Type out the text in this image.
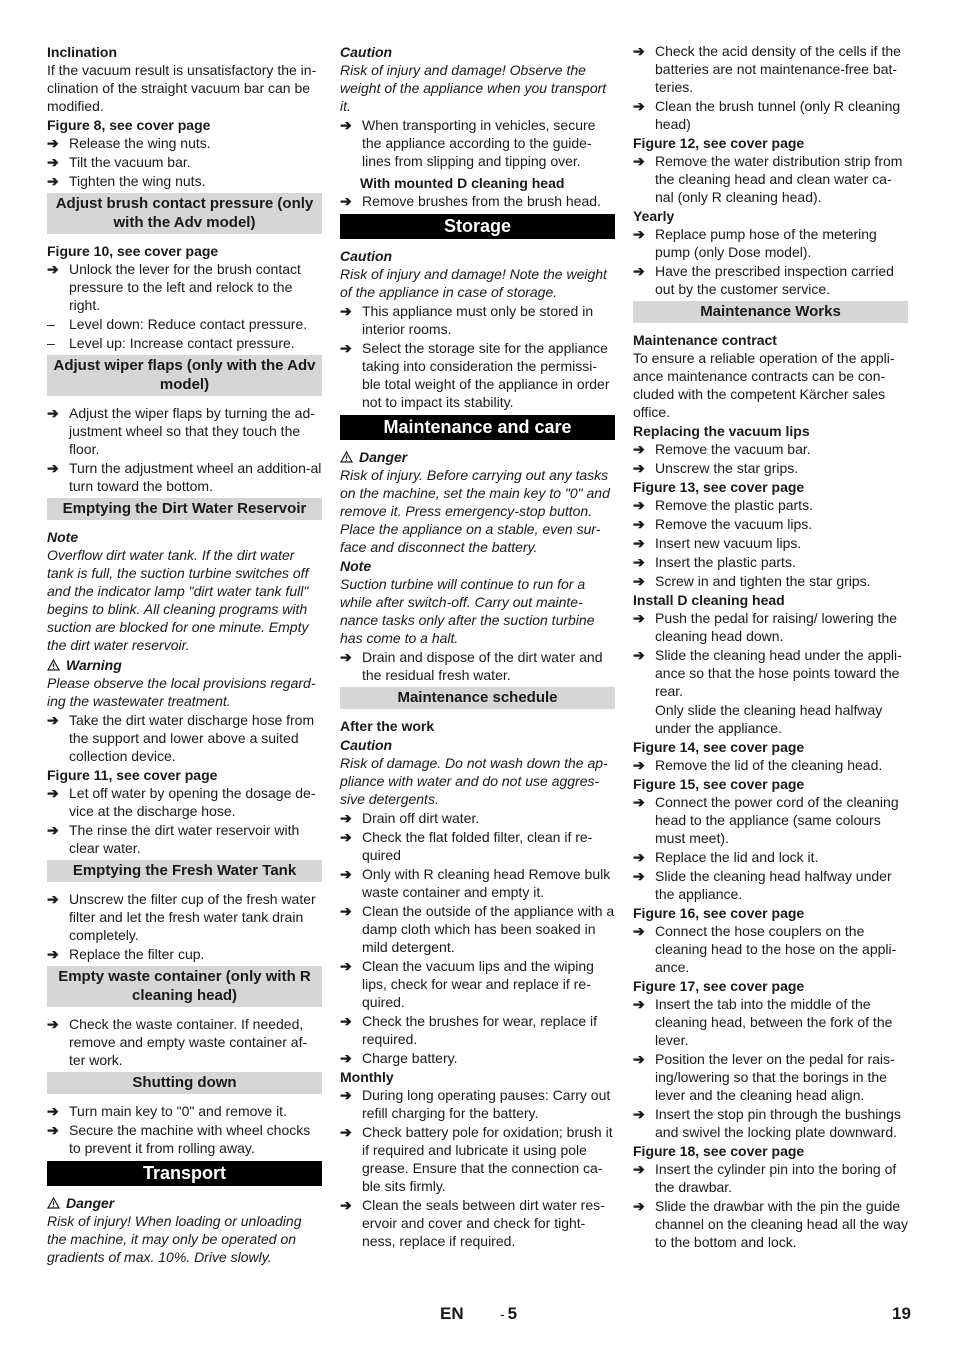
Inclination
If the vacuum result is unsatisfactory the in-clination of the straight vacuum bar can be modified.
Figure 8, see cover page
➔ Release the wing nuts.
➔ Tilt the vacuum bar.
➔ Tighten the wing nuts.
Adjust brush contact pressure (only with the Adv model)
Figure 10, see cover page
➔ Unlock the lever for the brush contact pressure to the left and relock to the right.
–	Level down: Reduce contact pressure.
–	Level up: Increase contact pressure.
Adjust wiper flaps (only with the Adv model)
➔ Adjust the wiper flaps by turning the ad-justment wheel so that they touch the floor.
➔ Turn the adjustment wheel an addition-al turn toward the bottom.
Emptying the Dirt Water Reservoir
Note
Overflow dirt water tank. If the dirt water tank is full, the suction turbine switches off and the indicator lamp "dirt water tank full" begins to blink. All cleaning programs with suction are blocked for one minute. Empty the dirt water reservoir.
Warning
Please observe the local provisions regard-ing the wastewater treatment.
➔ Take the dirt water discharge hose from the support and lower above a suited collection device.
Figure 11, see cover page
➔ Let off water by opening the dosage de-vice at the discharge hose.
➔ The rinse the dirt water reservoir with clear water.
Emptying the Fresh Water Tank
➔ Unscrew the filter cup of the fresh water filter and let the fresh water tank drain completely.
➔ Replace the filter cup.
Empty waste container (only with R cleaning head)
➔ Check the waste container. If needed, remove and empty waste container af-ter work.
Shutting down
➔ Turn main key to "0" and remove it.
➔ Secure the machine with wheel chocks to prevent it from rolling away.
Transport
Danger
Risk of injury! When loading or unloading the machine, it may only be operated on gradients of max. 10%. Drive slowly.
Caution
Risk of injury and damage! Observe the weight of the appliance when you transport it.
➔ When transporting in vehicles, secure the appliance according to the guide-lines from slipping and tipping over.
With mounted D cleaning head
➔ Remove brushes from the brush head.
Storage
Caution
Risk of injury and damage! Note the weight of the appliance in case of storage.
➔ This appliance must only be stored in interior rooms.
➔ Select the storage site for the appliance taking into consideration the permissi-ble total weight of the appliance in order not to impact its stability.
Maintenance and care
Danger
Risk of injury. Before carrying out any tasks on the machine, set the main key to "0" and remove it. Press emergency-stop button. Place the appliance on a stable, even sur-face and disconnect the battery.
Note
Suction turbine will continue to run for a while after switch-off. Carry out mainte-nance tasks only after the suction turbine has come to a halt.
➔ Drain and dispose of the dirt water and the residual fresh water.
Maintenance schedule
After the work
Caution
Risk of damage. Do not wash down the ap-pliance with water and do not use aggres-sive detergents.
➔ Drain off dirt water.
➔ Check the flat folded filter, clean if re-quired
➔ Only with R cleaning head Remove bulk waste container and empty it.
➔ Clean the outside of the appliance with a damp cloth which has been soaked in mild detergent.
➔ Clean the vacuum lips and the wiping lips, check for wear and replace if re-quired.
➔ Check the brushes for wear, replace if required.
➔ Charge battery.
Monthly
➔ During long operating pauses: Carry out refill charging for the battery.
➔ Check battery pole for oxidation; brush it if required and lubricate it using pole grease. Ensure that the connection ca-ble sits firmly.
➔ Clean the seals between dirt water res-ervoir and cover and check for tight-ness, replace if required.
➔ Check the acid density of the cells if the batteries are not maintenance-free bat-teries.
➔ Clean the brush tunnel (only R cleaning head)
Figure 12, see cover page
➔ Remove the water distribution strip from the cleaning head and clean water ca-nal (only R cleaning head).
Yearly
➔ Replace pump hose of the metering pump (only Dose model).
➔ Have the prescribed inspection carried out by the customer service.
Maintenance Works
Maintenance contract
To ensure a reliable operation of the appli-ance maintenance contracts can be con-cluded with the competent Kärcher sales office.
Replacing the vacuum lips
➔ Remove the vacuum bar.
➔ Unscrew the star grips.
Figure 13, see cover page
➔ Remove the plastic parts.
➔ Remove the vacuum lips.
➔ Insert new vacuum lips.
➔ Insert the plastic parts.
➔ Screw in and tighten the star grips.
Install D cleaning head
➔ Push the pedal for raising/ lowering the cleaning head down.
➔ Slide the cleaning head under the appli-ance so that the hose points toward the rear.
Only slide the cleaning head halfway under the appliance.
Figure 14, see cover page
➔ Remove the lid of the cleaning head.
Figure 15, see cover page
➔ Connect the power cord of the cleaning head to the appliance (same colours must meet).
➔ Replace the lid and lock it.
➔ Slide the cleaning head halfway under the appliance.
Figure 16, see cover page
➔ Connect the hose couplers on the cleaning head to the hose on the appli-ance.
Figure 17, see cover page
➔ Insert the tab into the middle of the cleaning head, between the fork of the lever.
➔ Position the lever on the pedal for rais-ing/lowering so that the borings in the lever and the cleaning head align.
➔ Insert the stop pin through the bushings and swivel the locking plate downward.
Figure 18, see cover page
➔ Insert the cylinder pin into the boring of the drawbar.
➔ Slide the drawbar with the pin the guide channel on the cleaning head all the way to the bottom and lock.
EN	- 5	19
